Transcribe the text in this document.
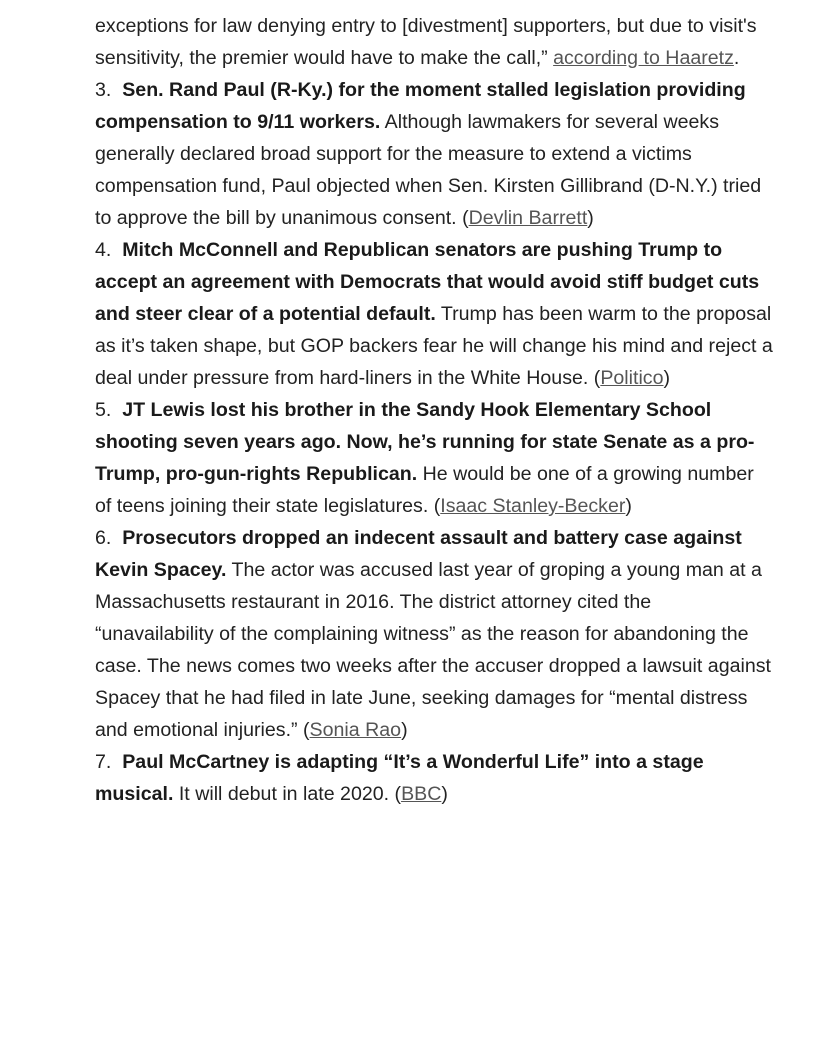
exceptions for law denying entry to [divestment] supporters, but due to visit's sensitivity, the premier would have to make the call,” according to Haaretz.

3. Sen. Rand Paul (R-Ky.) for the moment stalled legislation providing compensation to 9/11 workers. Although lawmakers for several weeks generally declared broad support for the measure to extend a victims compensation fund, Paul objected when Sen. Kirsten Gillibrand (D-N.Y.) tried to approve the bill by unanimous consent. (Devlin Barrett)

4. Mitch McConnell and Republican senators are pushing Trump to accept an agreement with Democrats that would avoid stiff budget cuts and steer clear of a potential default. Trump has been warm to the proposal as it’s taken shape, but GOP backers fear he will change his mind and reject a deal under pressure from hard-liners in the White House. (Politico)

5. JT Lewis lost his brother in the Sandy Hook Elementary School shooting seven years ago. Now, he’s running for state Senate as a pro-Trump, pro-gun-rights Republican. He would be one of a growing number of teens joining their state legislatures. (Isaac Stanley-Becker)

6. Prosecutors dropped an indecent assault and battery case against Kevin Spacey. The actor was accused last year of groping a young man at a Massachusetts restaurant in 2016. The district attorney cited the “unavailability of the complaining witness” as the reason for abandoning the case. The news comes two weeks after the accuser dropped a lawsuit against Spacey that he had filed in late June, seeking damages for “mental distress and emotional injuries.” (Sonia Rao)

7. Paul McCartney is adapting “It’s a Wonderful Life” into a stage musical. It will debut in late 2020. (BBC)
